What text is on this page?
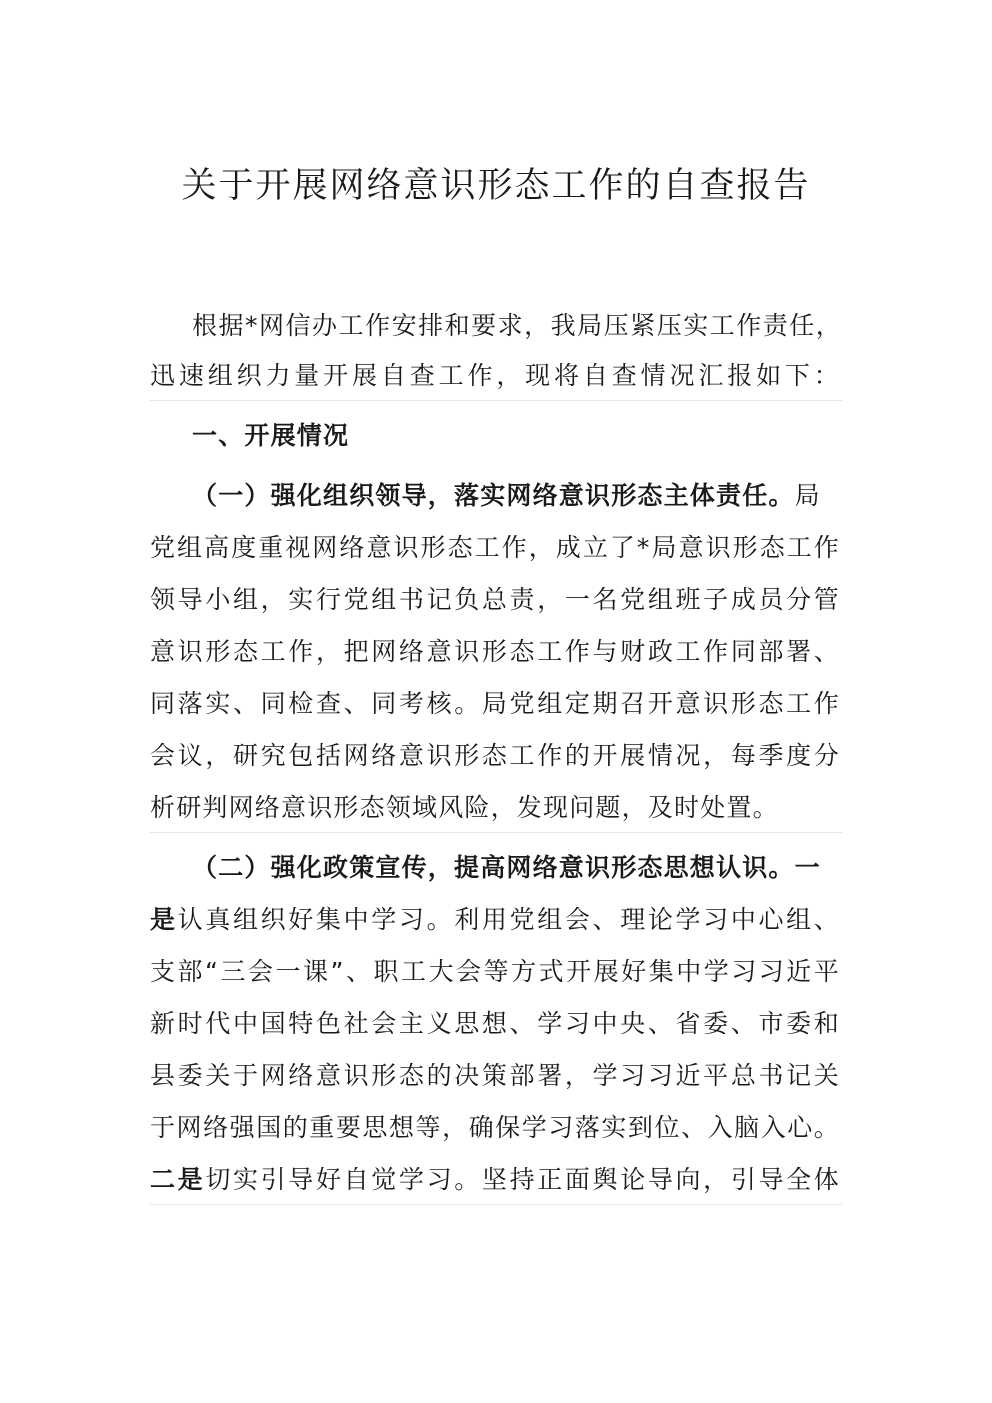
关于开展网络意识形态工作的自查报告
根据*网信办工作安排和要求，我局压紧压实工作责任，
迅速组织力量开展自查工作，现将自查情况汇报如下：
一、开展情况
（一）强化组织领导，落实网络意识形态主体责任。局
党组高度重视网络意识形态工作，成立了*局意识形态工作
领导小组，实行党组书记负总责，一名党组班子成员分管
意识形态工作，把网络意识形态工作与财政工作同部署、
同落实、同检查、同考核。局党组定期召开意识形态工作
会议，研究包括网络意识形态工作的开展情况，每季度分
析研判网络意识形态领域风险，发现问题，及时处置。
（二）强化政策宣传，提高网络意识形态思想认识。一
是认真组织好集中学习。利用党组会、理论学习中心组、
支部“三会一课”、职工大会等方式开展好集中学习习近平
新时代中国特色社会主义思想、学习中央、省委、市委和
县委关于网络意识形态的决策部署，学习习近平总书记关
于网络强国的重要思想等，确保学习落实到位、入脑入心。
二是切实引导好自觉学习。坚持正面舆论导向，引导全体
